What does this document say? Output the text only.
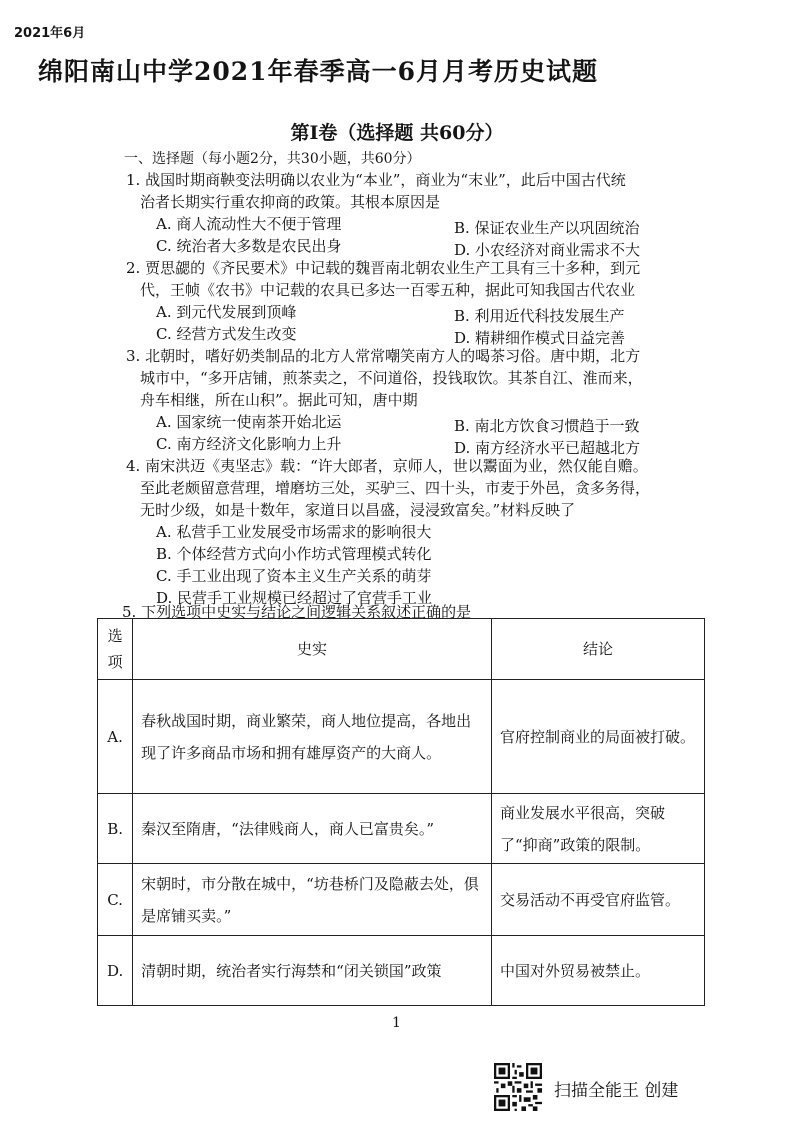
2021年6月
绵阳南山中学2021年春季高一6月月考历史试题
第Ⅰ卷（选择题 共60分）
一、选择题（每小题2分，共30小题，共60分）
1. 战国时期商鞅变法明确以农业为“本业”，商业为“末业”，此后中国古代统
治者长期实行重农抑商的政策。其根本原因是
A. 商人流动性大不便于管理	B. 保证农业生产以巩固统治
C. 统治者大多数是农民出身	D. 小农经济对商业需求不大
2. 贾思勰的《齐民要术》中记载的魏晋南北朝农业生产工具有三十多种，到元
代，王帧《农书》中记载的农具已多达一百零五种，据此可知我国古代农业
A. 到元代发展到顶峰	B. 利用近代科技发展生产
C. 经营方式发生改变	D. 精耕细作模式日益完善
3. 北朝时，嗜好奶类制品的北方人常常嘲笑南方人的喝茶习俗。唐中期，北方
城市中，“多开店铺，煎茶卖之，不问道俗，投钱取饮。其茶自江、淮而来，
舟车相继，所在山积”。据此可知，唐中期
A. 国家统一使南茶开始北运	B. 南北方饮食习惯趋于一致
C. 南方经济文化影响力上升	D. 南方经济水平已超越北方
4. 南宋洪迈《夷坚志》载：“许大郎者，京师人，世以鬻面为业，然仅能自赡。
至此老颇留意营理，增磨坊三处，买驴三、四十头，市麦于外邑，贪多务得，
无时少级，如是十数年，家道日以昌盛，浸浸致富矣。”材料反映了
A. 私营手工业发展受市场需求的影响很大
B. 个体经营方式向小作坊式管理模式转化
C. 手工业出现了资本主义生产关系的萌芽
D. 民营手工业规模已经超过了官营手工业
5. 下列选项中史实与结论之间逻辑关系叙述正确的是
选项	史实	结论
A.	春秋战国时期，商业繁荣，商人地位提高，各地出现了许多商品市场和拥有雄厚资产的大商人。	官府控制商业的局面被打破。
B.	秦汉至隋唐，“法律贱商人，商人已富贵矣。”	商业发展水平很高，突破了“抑商”政策的限制。
C.	宋朝时，市分散在城中，“坊巷桥门及隐蔽去处，俱是席铺买卖。”	交易活动不再受官府监管。
D.	清朝时期，统治者实行海禁和“闭关锁国”政策	中国对外贸易被禁止。
1
扫描全能王 创建
